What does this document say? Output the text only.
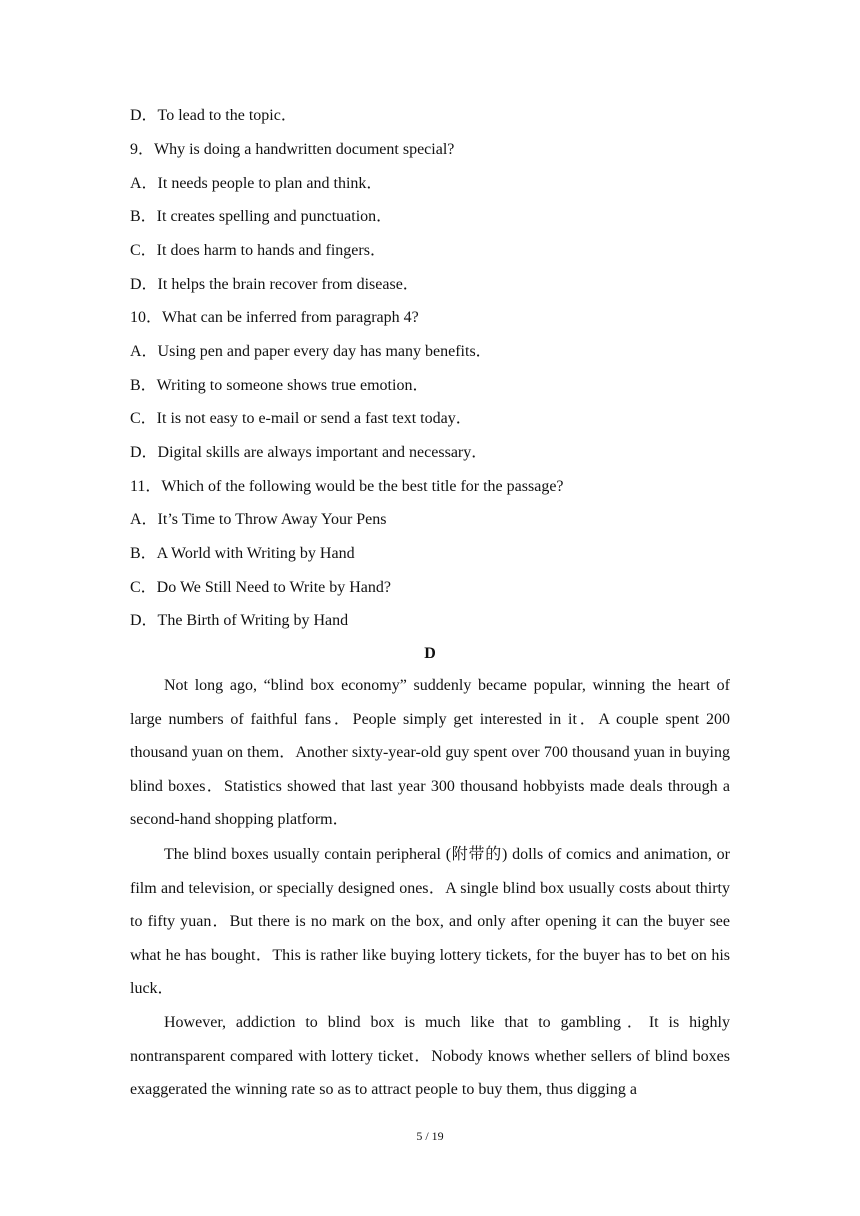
D．To lead to the topic．
9．Why is doing a handwritten document special?
A．It needs people to plan and think．
B．It creates spelling and punctuation．
C．It does harm to hands and fingers．
D．It helps the brain recover from disease．
10．What can be inferred from paragraph 4?
A．Using pen and paper every day has many benefits．
B．Writing to someone shows true emotion．
C．It is not easy to e-mail or send a fast text today．
D．Digital skills are always important and necessary．
11．Which of the following would be the best title for the passage?
A．It’s Time to Throw Away Your Pens
B．A World with Writing by Hand
C．Do We Still Need to Write by Hand?
D．The Birth of Writing by Hand
D
Not long ago, “blind box economy” suddenly became popular, winning the heart of large numbers of faithful fans．People simply get interested in it．A couple spent 200 thousand yuan on them．Another sixty-year-old guy spent over 700 thousand yuan in buying blind boxes．Statistics showed that last year 300 thousand hobbyists made deals through a second-hand shopping platform．
The blind boxes usually contain peripheral (附带的) dolls of comics and animation, or film and television, or specially designed ones．A single blind box usually costs about thirty to fifty yuan．But there is no mark on the box, and only after opening it can the buyer see what he has bought．This is rather like buying lottery tickets, for the buyer has to bet on his luck．
However, addiction to blind box is much like that to gambling．It is highly nontransparent compared with lottery ticket．Nobody knows whether sellers of blind boxes exaggerated the winning rate so as to attract people to buy them, thus digging a
5 / 19
